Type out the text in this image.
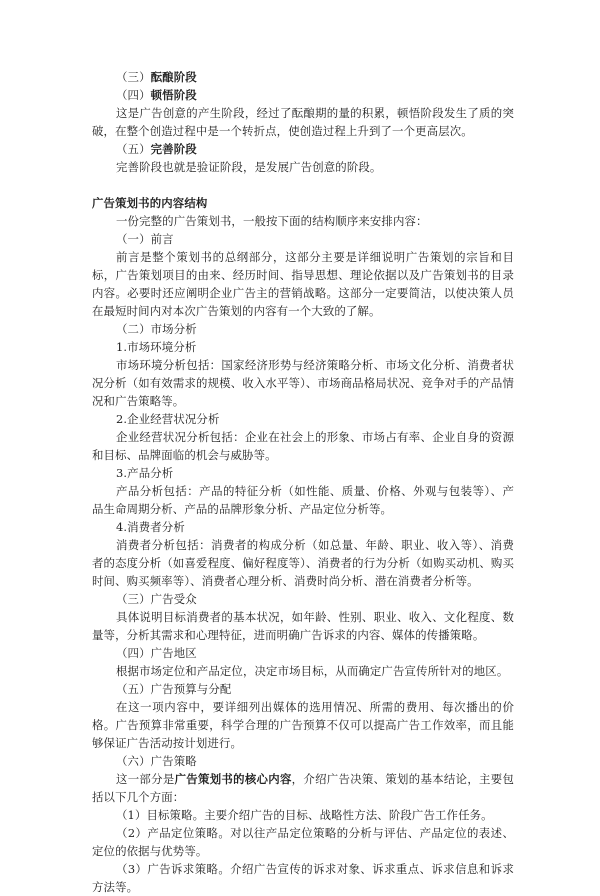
（三）酝酿阶段

（四）顿悟阶段

这是广告创意的产生阶段，经过了酝酿期的量的积累，顿悟阶段发生了质的突破，在整个创造过程中是一个转折点，使创造过程上升到了一个更高层次。

（五）完善阶段

完善阶段也就是验证阶段，是发展广告创意的阶段。

广告策划书的内容结构

一份完整的广告策划书，一般按下面的结构顺序来安排内容：

（一）前言

前言是整个策划书的总纲部分，这部分主要是详细说明广告策划的宗旨和目标，广告策划项目的由来、经历时间、指导思想、理论依据以及广告策划书的目录内容。必要时还应阐明企业广告主的营销战略。这部分一定要简洁，以使决策人员在最短时间内对本次广告策划的内容有一个大致的了解。

（二）市场分析

1.市场环境分析

市场环境分析包括：国家经济形势与经济策略分析、市场文化分析、消费者状况分析（如有效需求的规模、收入水平等）、市场商品格局状况、竞争对手的产品情况和广告策略等。

2.企业经营状况分析

企业经营状况分析包括：企业在社会上的形象、市场占有率、企业自身的资源和目标、品牌面临的机会与威胁等。

3.产品分析

产品分析包括：产品的特征分析（如性能、质量、价格、外观与包装等）、产品生命周期分析、产品的品牌形象分析、产品定位分析等。

4.消费者分析

消费者分析包括：消费者的构成分析（如总量、年龄、职业、收入等）、消费者的态度分析（如喜爱程度、偏好程度等）、消费者的行为分析（如购买动机、购买时间、购买频率等）、消费者心理分析、消费时尚分析、潜在消费者分析等。

（三）广告受众

具体说明目标消费者的基本状况，如年龄、性别、职业、收入、文化程度、数量等，分析其需求和心理特征，进而明确广告诉求的内容、媒体的传播策略。

（四）广告地区

根据市场定位和产品定位，决定市场目标，从而确定广告宣传所针对的地区。

（五）广告预算与分配

在这一项内容中，要详细列出媒体的选用情况、所需的费用、每次播出的价格。广告预算非常重要，科学合理的广告预算不仅可以提高广告工作效率，而且能够保证广告活动按计划进行。

（六）广告策略

这一部分是广告策划书的核心内容，介绍广告决策、策划的基本结论，主要包括以下几个方面：

（1）目标策略。主要介绍广告的目标、战略性方法、阶段广告工作任务。

（2）产品定位策略。对以往产品定位策略的分析与评估、产品定位的表述、定位的依据与优势等。

（3）广告诉求策略。介绍广告宣传的诉求对象、诉求重点、诉求信息和诉求方法等。
